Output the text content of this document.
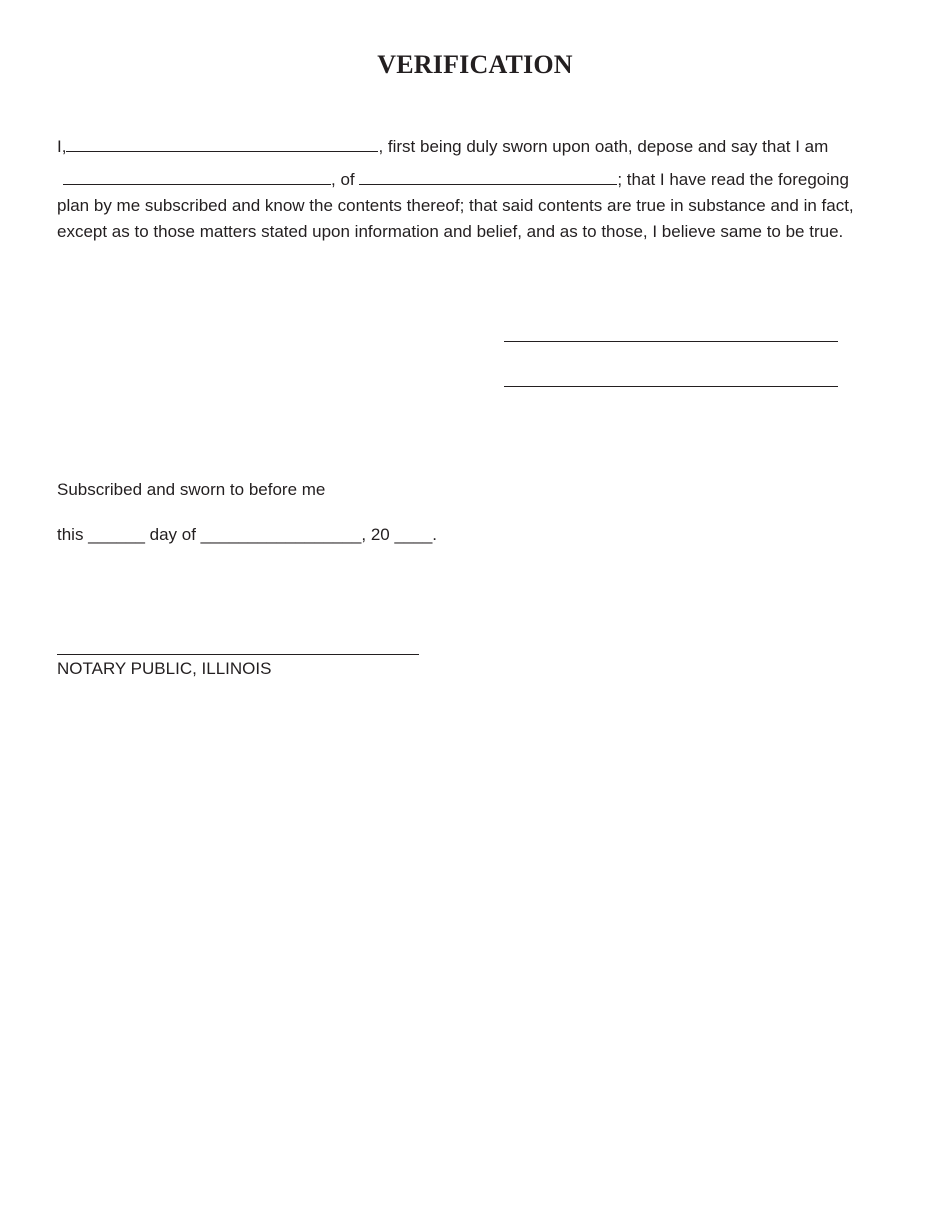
VERIFICATION
I,	, first being duly sworn upon oath, depose and say that I am
, of	; that I have read the foregoing
plan by me subscribed and know the contents thereof; that said contents are true in substance and in fact, except as to those matters stated upon information and belief, and as to those, I believe same to be true.
Subscribed and sworn to before me
this ______ day of _________________, 20 ____.
NOTARY PUBLIC, ILLINOIS
